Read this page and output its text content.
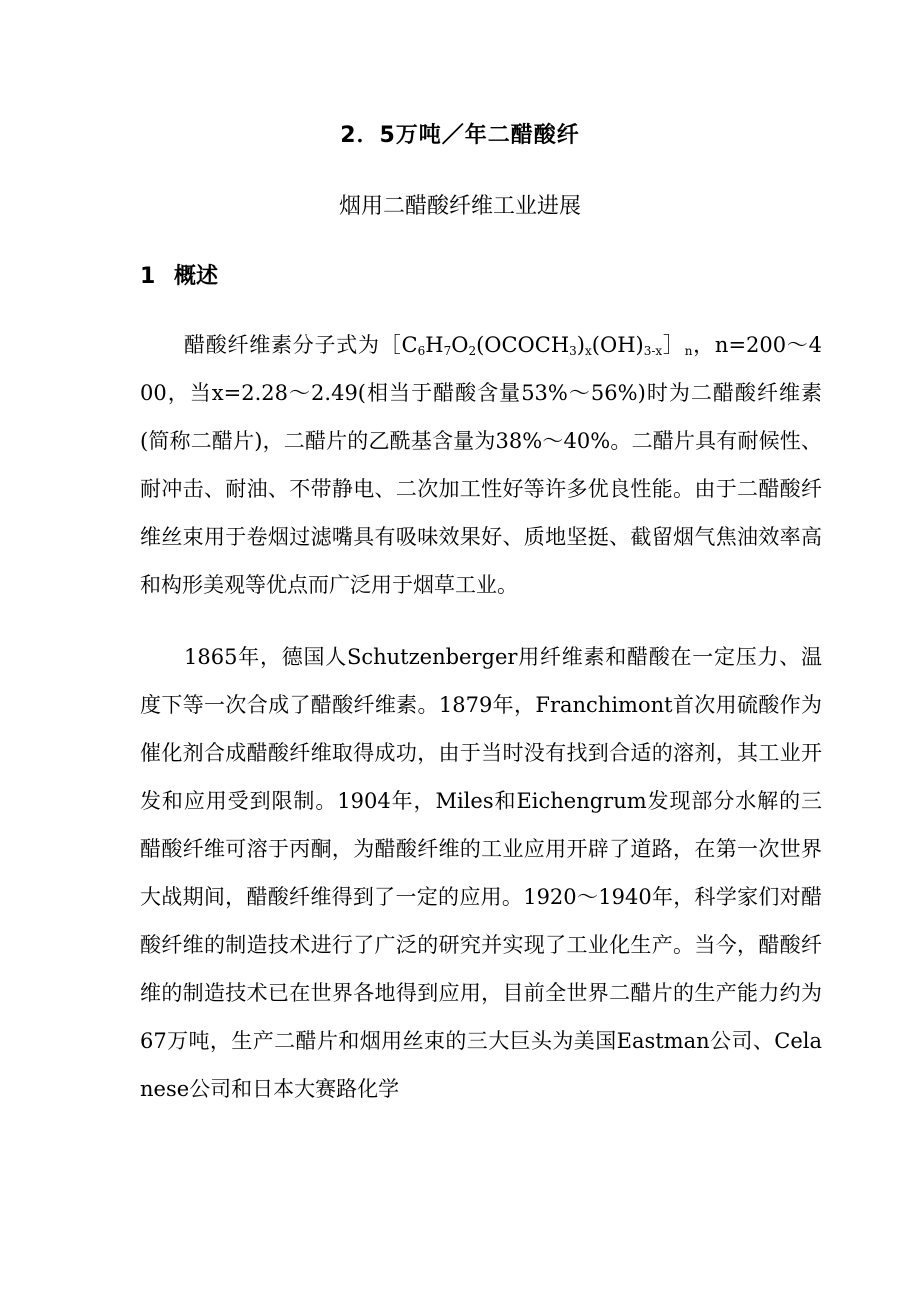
2．5万吨／年二醋酸纤
烟用二醋酸纤维工业进展
1 概述

醋酸纤维素分子式为$[C_6H_7O_2(OCOCH_3)_x(OH)_{3-x}]_n$，n=200～400，当x=2.28～2.49(相当于醋酸含量53%～56%)时为二醋酸纤维素(简称二醋片)，二醋片的乙酰基含量为38%～40%。二醋片具有耐候性、耐冲击、耐油、不带静电、二次加工性好等许多优良性能。由于二醋酸纤维丝束用于卷烟过滤嘴具有吸味效果好、质地坚挺、截留烟气焦油效率高和构形美观等优点而广泛用于烟草工业。

1865年，德国人Schutzenberger用纤维素和醋酸在一定压力、温度下等一次合成了醋酸纤维素。1879年，Franchimont首次用硫酸作为催化剂合成醋酸纤维取得成功，由于当时没有找到合适的溶剂，其工业开发和应用受到限制。1904年，Miles和Eichengrum发现部分水解的三醋酸纤维可溶于丙酮，为醋酸纤维的工业应用开辟了道路，在第一次世界大战期间，醋酸纤维得到了一定的应用。1920～1940年，科学家们对醋酸纤维的制造技术进行了广泛的研究并实现了工业化生产。当今，醋酸纤维的制造技术已在世界各地得到应用，目前全世界二醋片的生产能力约为67万吨，生产二醋片和烟用丝束的三大巨头为美国Eastman公司、Celanese公司和日本大赛路化学
